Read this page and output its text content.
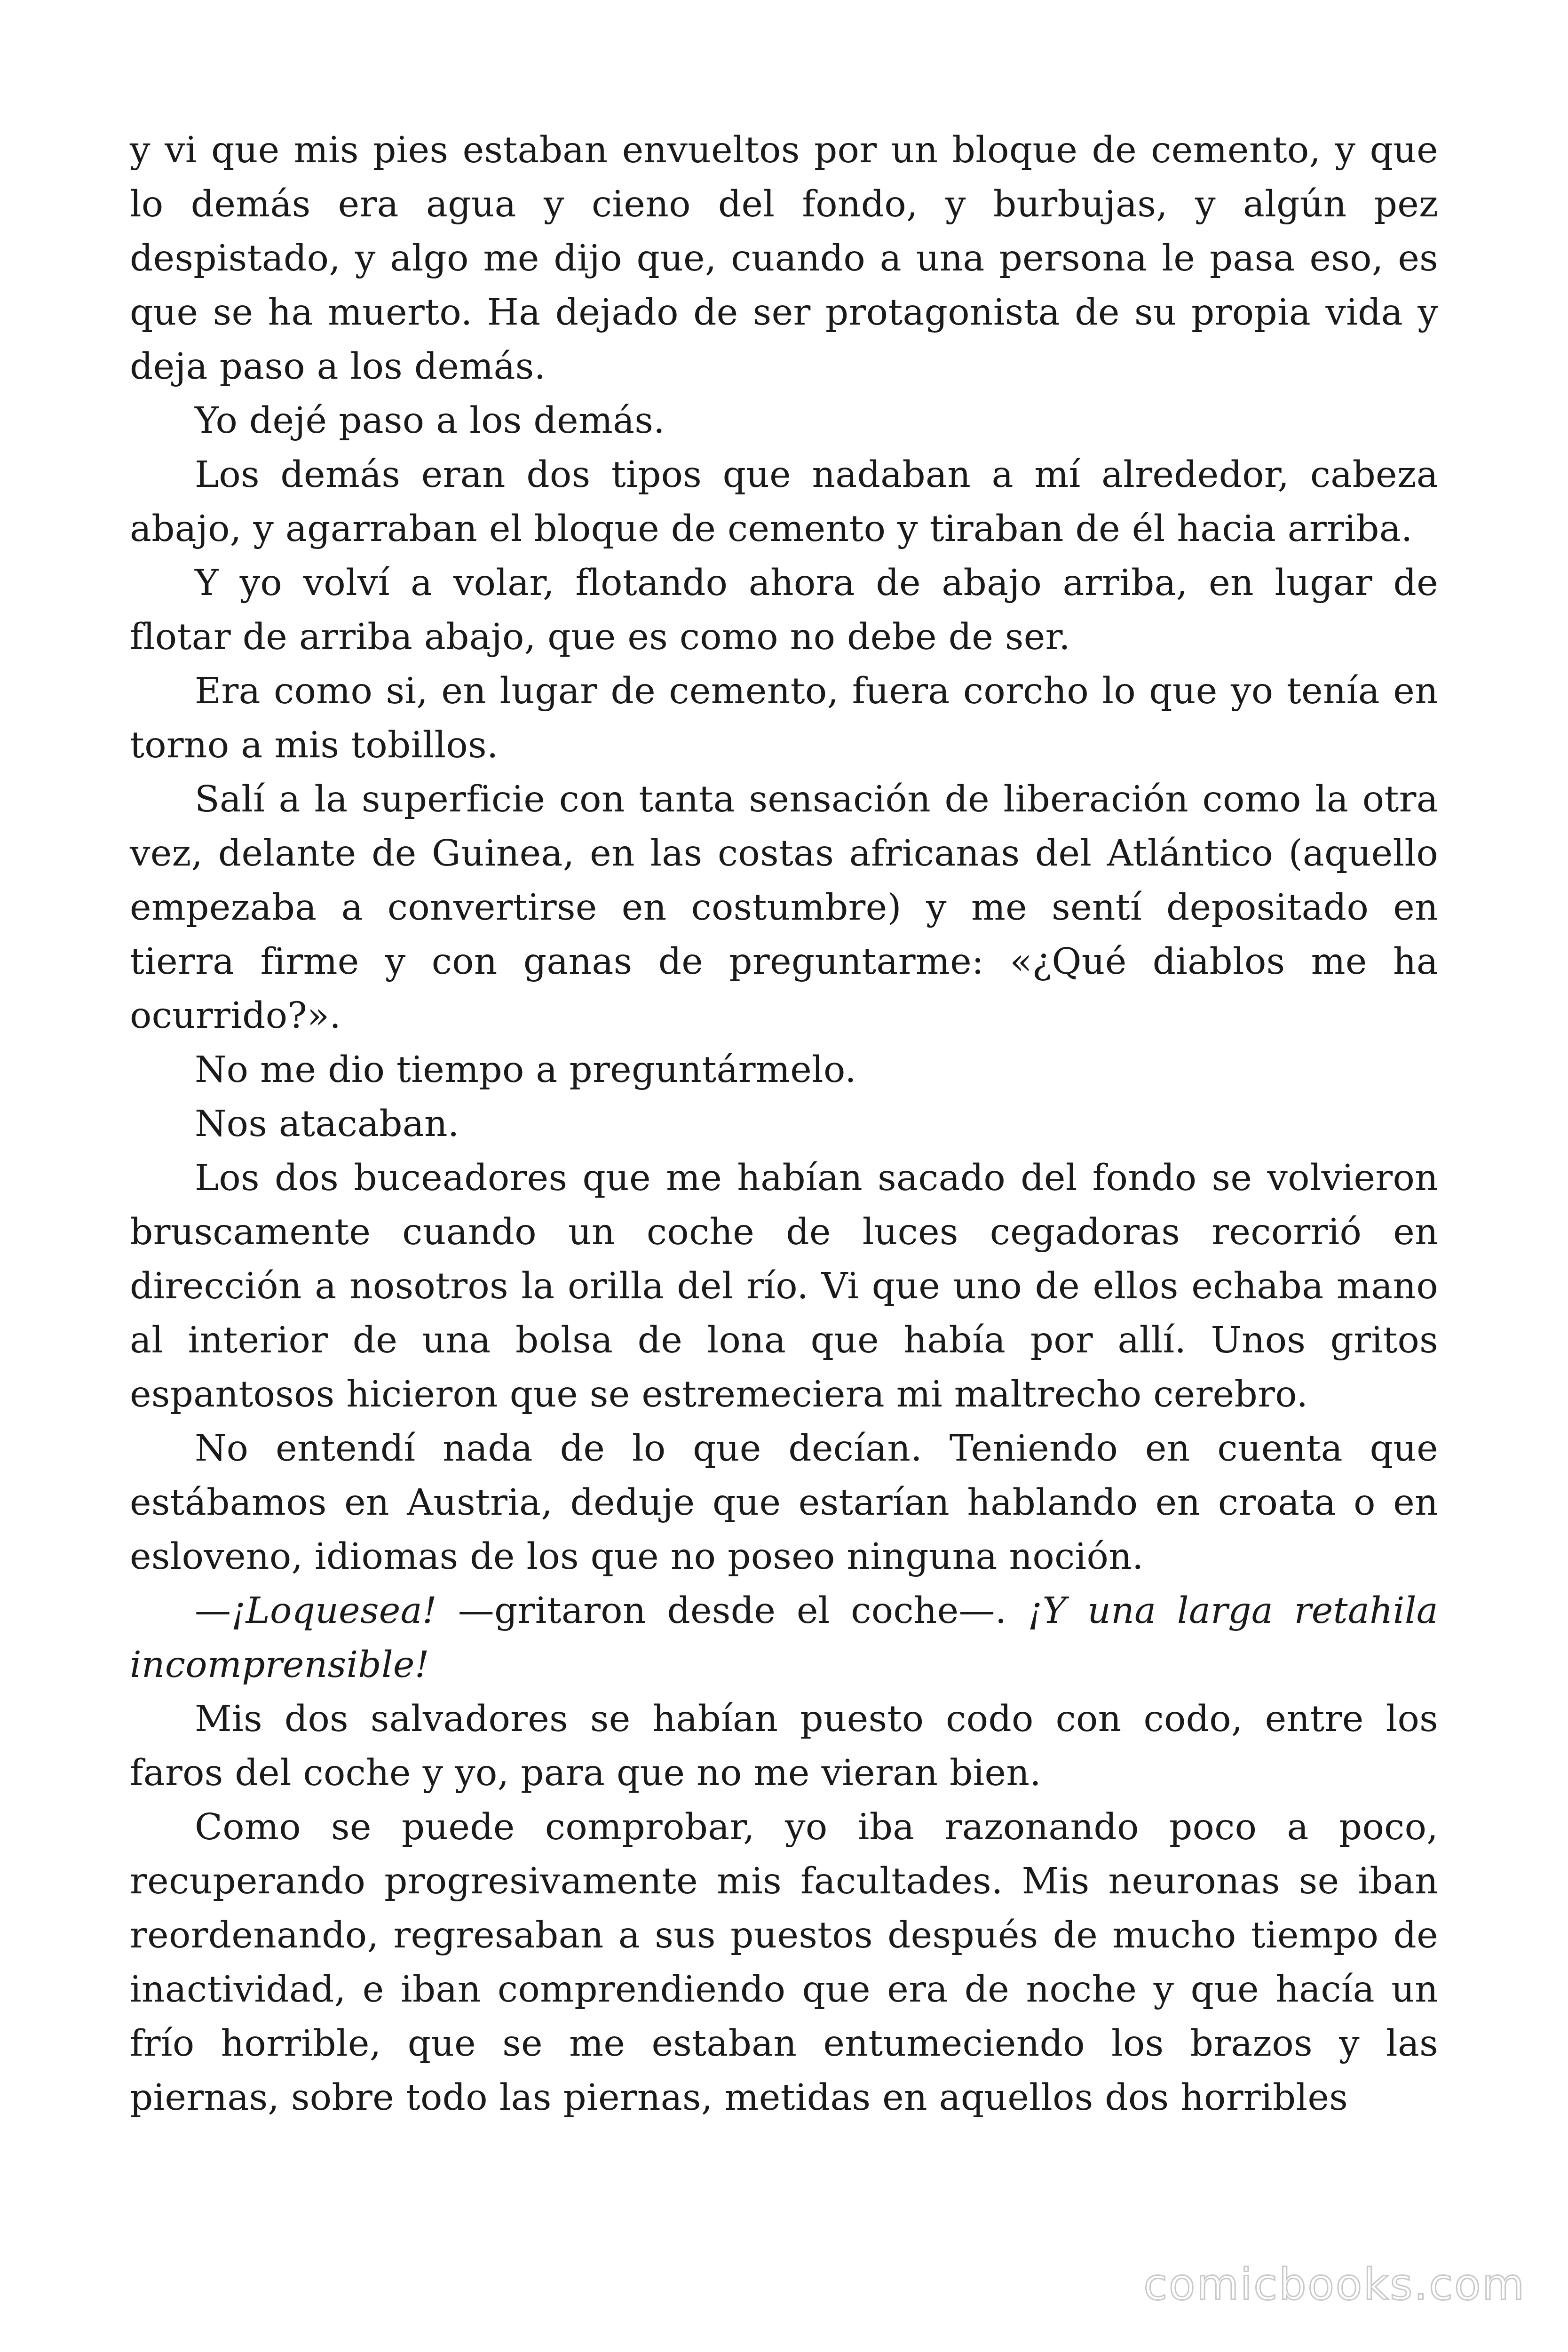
y vi que mis pies estaban envueltos por un bloque de cemento, y que lo demás era agua y cieno del fondo, y burbujas, y algún pez despistado, y algo me dijo que, cuando a una persona le pasa eso, es que se ha muerto. Ha dejado de ser protagonista de su propia vida y deja paso a los demás.

Yo dejé paso a los demás.

Los demás eran dos tipos que nadaban a mí alrededor, cabeza abajo, y agarraban el bloque de cemento y tiraban de él hacia arriba.

Y yo volví a volar, flotando ahora de abajo arriba, en lugar de flotar de arriba abajo, que es como no debe de ser.

Era como si, en lugar de cemento, fuera corcho lo que yo tenía en torno a mis tobillos.

Salí a la superficie con tanta sensación de liberación como la otra vez, delante de Guinea, en las costas africanas del Atlántico (aquello empezaba a convertirse en costumbre) y me sentí depositado en tierra firme y con ganas de preguntarme: «¿Qué diablos me ha ocurrido?».

No me dio tiempo a preguntármelo.

Nos atacaban.

Los dos buceadores que me habían sacado del fondo se volvieron bruscamente cuando un coche de luces cegadoras recorrió en dirección a nosotros la orilla del río. Vi que uno de ellos echaba mano al interior de una bolsa de lona que había por allí. Unos gritos espantosos hicieron que se estremeciera mi maltrecho cerebro.

No entendí nada de lo que decían. Teniendo en cuenta que estábamos en Austria, deduje que estarían hablando en croata o en esloveno, idiomas de los que no poseo ninguna noción.

—¡Loquesea! —gritaron desde el coche—. ¡Y una larga retahila incomprensible!

Mis dos salvadores se habían puesto codo con codo, entre los faros del coche y yo, para que no me vieran bien.

Como se puede comprobar, yo iba razonando poco a poco, recuperando progresivamente mis facultades. Mis neuronas se iban reordenando, regresaban a sus puestos después de mucho tiempo de inactividad, e iban comprendiendo que era de noche y que hacía un frío horrible, que se me estaban entumeciendo los brazos y las piernas, sobre todo las piernas, metidas en aquellos dos horribles

comicbooks.com
